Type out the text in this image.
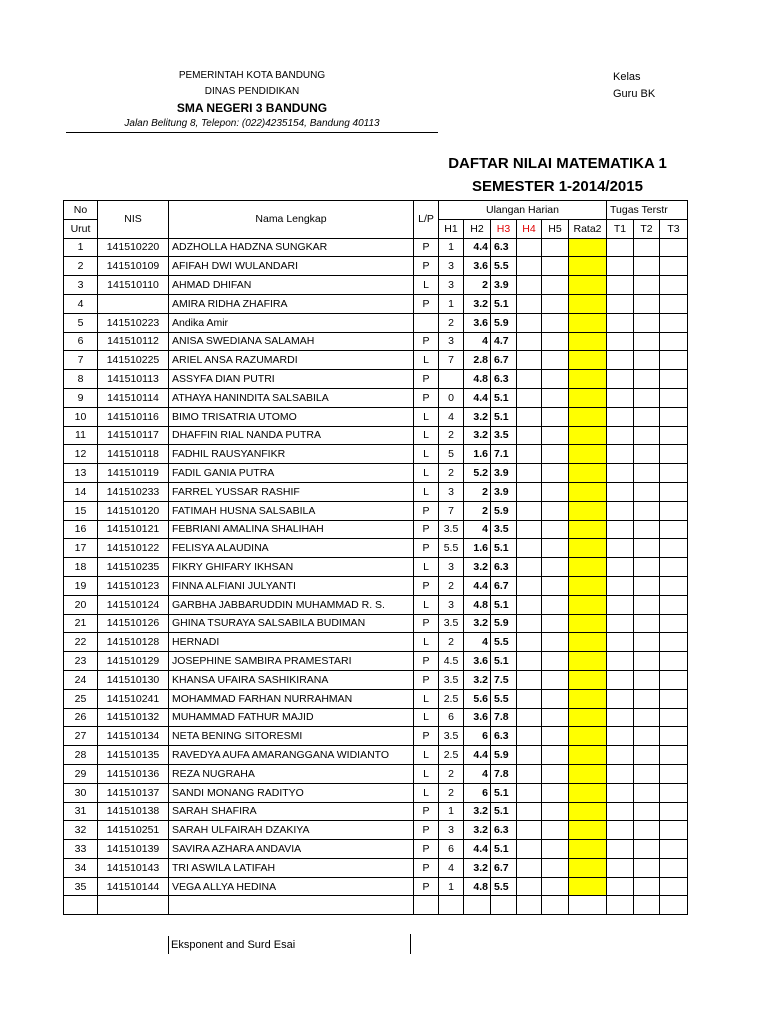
PEMERINTAH KOTA BANDUNG
DINAS PENDIDIKAN
SMA NEGERI 3 BANDUNG
Jalan Belitung 8, Telepon: (022)4235154, Bandung 40113
Kelas
Guru BK
DAFTAR NILAI MATEMATIKA 1
SEMESTER 1-2014/2015
No	NIS	Nama Lengkap	L/P	Ulangan Harian						Tugas Terstr		
Urut				H1	H2	H3	H4	H5	Rata2	T1	T2	T3
1	141510220	ADZHOLLA HADZNA SUNGKAR	P	1	4.4	6.3						
2	141510109	AFIFAH DWI WULANDARI	P	3	3.6	5.5						
3	141510110	AHMAD DHIFAN	L	3	2	3.9						
4		AMIRA RIDHA ZHAFIRA	P	1	3.2	5.1						
5	141510223	Andika Amir		2	3.6	5.9						
6	141510112	ANISA SWEDIANA SALAMAH	P	3	4	4.7						
7	141510225	ARIEL ANSA RAZUMARDI	L	7	2.8	6.7						
8	141510113	ASSYFA DIAN PUTRI	P		4.8	6.3						
9	141510114	ATHAYA HANINDITA SALSABILA	P	0	4.4	5.1						
10	141510116	BIMO TRISATRIA UTOMO	L	4	3.2	5.1						
11	141510117	DHAFFIN RIAL NANDA PUTRA	L	2	3.2	3.5						
12	141510118	FADHIL RAUSYANFIKR	L	5	1.6	7.1						
13	141510119	FADIL GANIA PUTRA	L	2	5.2	3.9						
14	141510233	FARREL YUSSAR RASHIF	L	3	2	3.9						
15	141510120	FATIMAH HUSNA SALSABILA	P	7	2	5.9						
16	141510121	FEBRIANI AMALINA SHALIHAH	P	3.5	4	3.5						
17	141510122	FELISYA ALAUDINA	P	5.5	1.6	5.1						
18	141510235	FIKRY GHIFARY IKHSAN	L	3	3.2	6.3						
19	141510123	FINNA ALFIANI JULYANTI	P	2	4.4	6.7						
20	141510124	GARBHA JABBARUDDIN MUHAMMAD R. S.	L	3	4.8	5.1						
21	141510126	GHINA TSURAYA SALSABILA BUDIMAN	P	3.5	3.2	5.9						
22	141510128	HERNADI	L	2	4	5.5						
23	141510129	JOSEPHINE SAMBIRA PRAMESTARI	P	4.5	3.6	5.1						
24	141510130	KHANSA UFAIRA SASHIKIRANA	P	3.5	3.2	7.5						
25	141510241	MOHAMMAD FARHAN NURRAHMAN	L	2.5	5.6	5.5						
26	141510132	MUHAMMAD FATHUR MAJID	L	6	3.6	7.8						
27	141510134	NETA BENING SITORESMI	P	3.5	6	6.3						
28	141510135	RAVEDYA AUFA AMARANGGANA WIDIANTO	L	2.5	4.4	5.9						
29	141510136	REZA NUGRAHA	L	2	4	7.8						
30	141510137	SANDI MONANG RADITYO	L	2	6	5.1						
31	141510138	SARAH SHAFIRA	P	1	3.2	5.1						
32	141510251	SARAH ULFAIRAH DZAKIYA	P	3	3.2	6.3						
33	141510139	SAVIRA AZHARA ANDAVIA	P	6	4.4	5.1						
34	141510143	TRI ASWILA LATIFAH	P	4	3.2	6.7						
35	141510144	VEGA ALLYA HEDINA	P	1	4.8	5.5						

Eksponent and Surd Esai
